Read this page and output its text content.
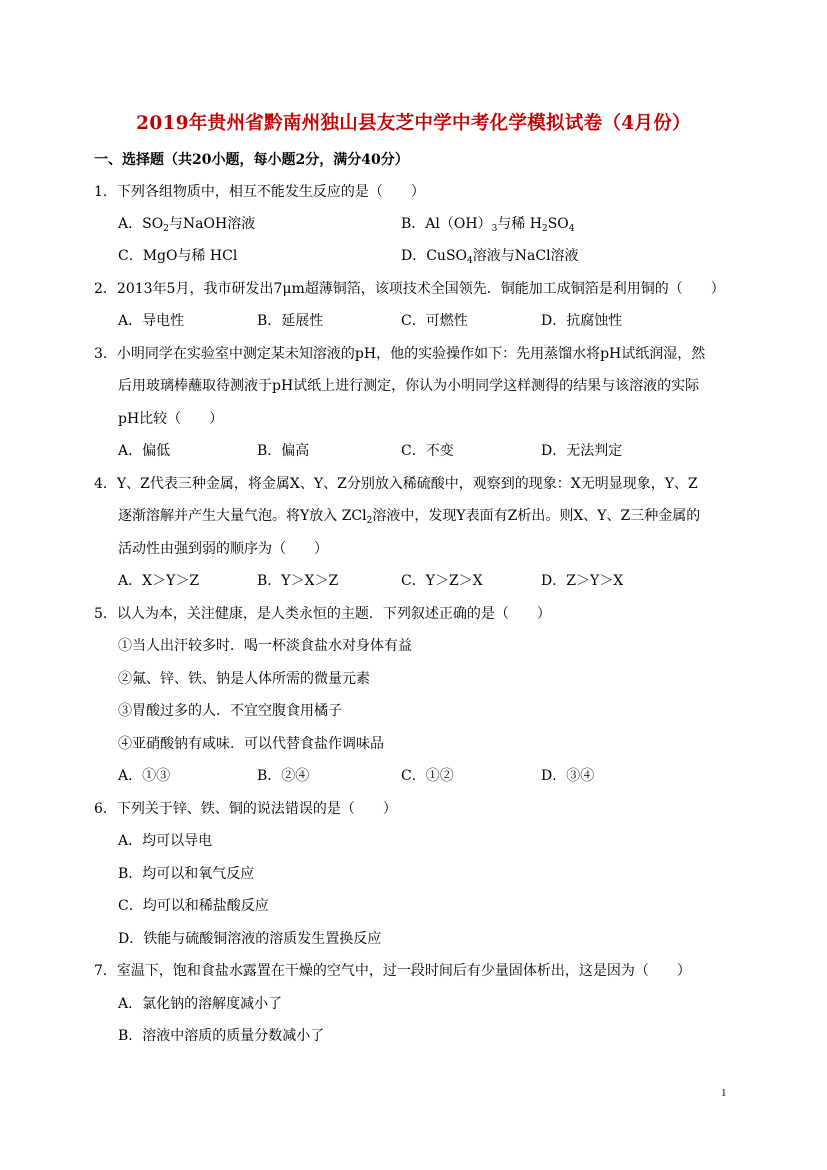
2019年贵州省黔南州独山县友芝中学中考化学模拟试卷（4月份）
一、选择题（共20小题，每小题2分，满分40分）
1．下列各组物质中，相互不能发生反应的是（　　）
A．$SO_2$与NaOH溶液	B．$Al(OH)_3$与稀 $H_2SO_4$
C．MgO与稀 HCl	D．CuSO$_4$溶液与NaCl溶液
2．2013年5月，我市研发出7μm超薄铜箔，该项技术全国领先．铜能加工成铜箔是利用铜的（　　）
A．导电性	B．延展性	C．可燃性	D．抗腐蚀性
3．小明同学在实验室中测定某未知溶液的pH，他的实验操作如下：先用蒸馏水将pH试纸润湿，然
后用玻璃棒蘸取待测液于pH试纸上进行测定，你认为小明同学这样测得的结果与该溶液的实际
pH比较（　　）
A．偏低	B．偏高	C．不变	D．无法判定
4．Y、Z代表三种金属，将金属X、Y、Z分别放入稀硫酸中，观察到的现象：X无明显现象，Y、Z
逐渐溶解并产生大量气泡。将Y放入 ZCl$_2$溶液中，发现Y表面有Z析出。则X、Y、Z三种金属的
活动性由强到弱的顺序为（　　）
A．X＞Y＞Z	B．Y＞X＞Z	C．Y＞Z＞X	D．Z＞Y＞X
5．以人为本，关注健康，是人类永恒的主题．下列叙述正确的是（　　）
①当人出汗较多时．喝一杯淡食盐水对身体有益
②氟、锌、铁、钠是人体所需的微量元素
③胃酸过多的人．不宜空腹食用橘子
④亚硝酸钠有咸味．可以代替食盐作调味品
A．①③	B．②④	C．①②	D．③④
6．下列关于锌、铁、铜的说法错误的是（　　）
A．均可以导电
B．均可以和氧气反应
C．均可以和稀盐酸反应
D．铁能与硫酸铜溶液的溶质发生置换反应
7．室温下，饱和食盐水露置在干燥的空气中，过一段时间后有少量固体析出，这是因为（　　）
A．氯化钠的溶解度减小了
B．溶液中溶质的质量分数减小了
1
